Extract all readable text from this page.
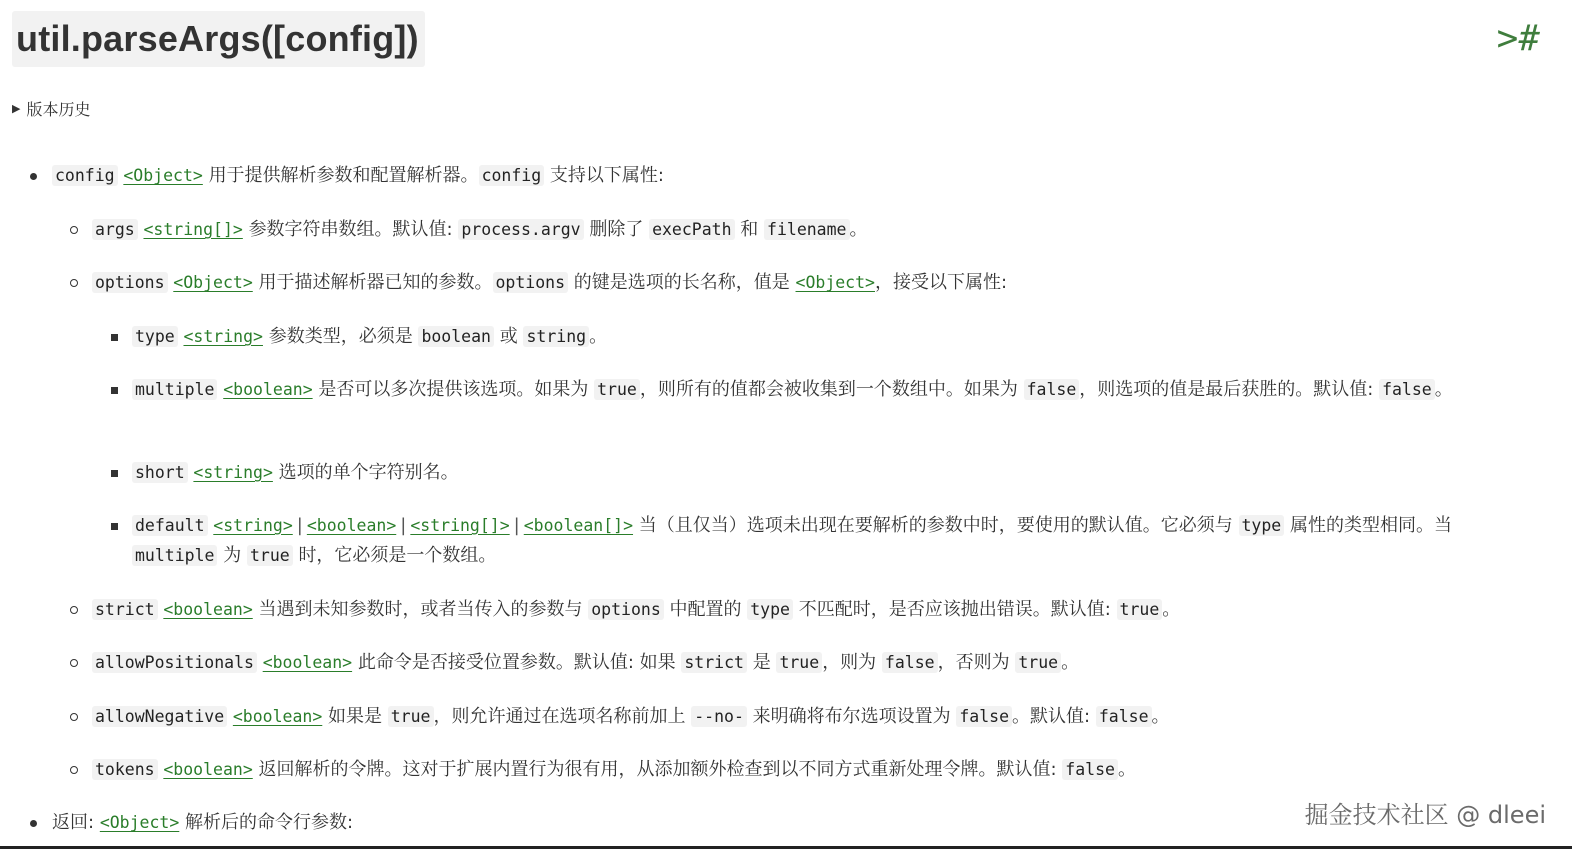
util.parseArgs([config])	>#
▶ 版本历史
config <Object> 用于提供解析参数和配置解析器。 config 支持以下属性:
args <string[]> 参数字符串数组。默认值: process.argv 删除了 execPath 和 filename 。
options <Object> 用于描述解析器已知的参数。 options 的键是选项的长名称，值是 <Object>，接受以下属性:
type <string> 参数类型，必须是 boolean 或 string 。
multiple <boolean> 是否可以多次提供该选项。如果为 true ，则所有的值都会被收集到一个数组中。如果为 false ，则选项的值是最后获胜的。默认值: false 。
short <string> 选项的单个字符别名。
default <string> | <boolean> | <string[]> | <boolean[]> 当（且仅当）选项未出现在要解析的参数中时，要使用的默认值。它必须与 type 属性的类型相同。当 multiple 为 true 时，它必须是一个数组。
strict <boolean> 当遇到未知参数时，或者当传入的参数与 options 中配置的 type 不匹配时，是否应该抛出错误。默认值: true 。
allowPositionals <boolean> 此命令是否接受位置参数。默认值: 如果 strict 是 true ，则为 false ，否则为 true 。
allowNegative <boolean> 如果是 true ，则允许通过在选项名称前加上 --no- 来明确将布尔选项设置为 false 。默认值: false 。
tokens <boolean> 返回解析的令牌。这对于扩展内置行为很有用，从添加额外检查到以不同方式重新处理令牌。默认值: false 。
返回: <Object> 解析后的命令行参数:	掘金技术社区 @ dleei
